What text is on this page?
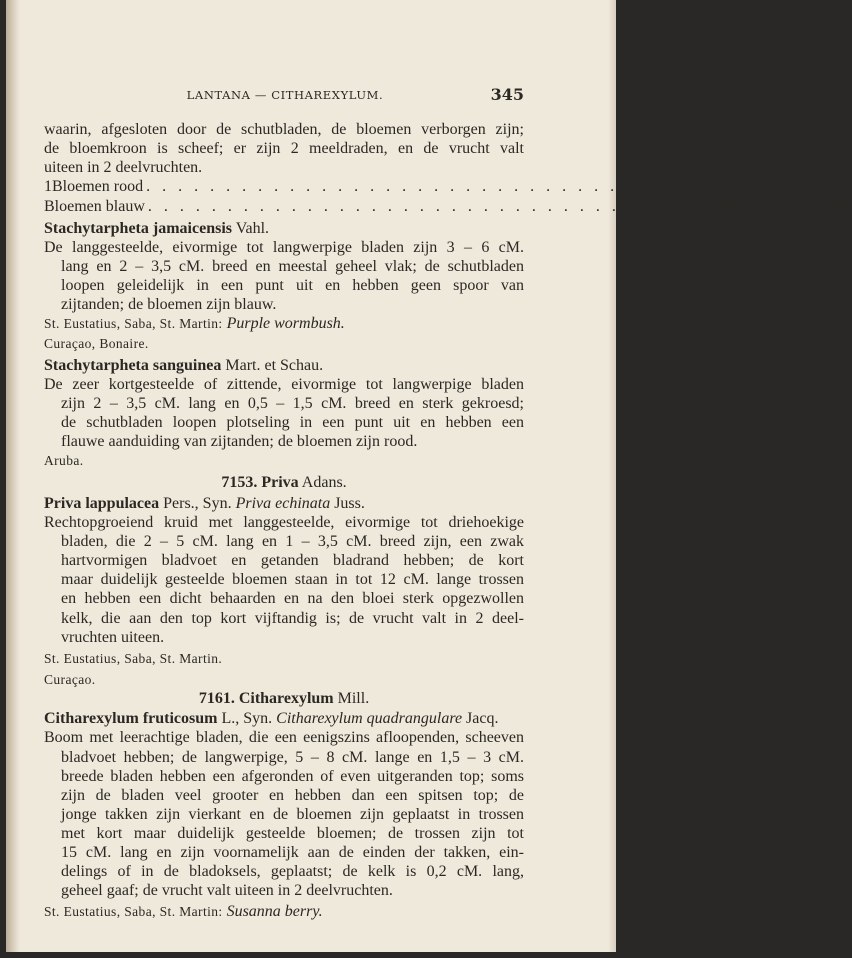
LANTANA — CITHAREXYLUM.	345
waarin, afgesloten door de schutbladen, de bloemen verborgen zijn;
de bloemkroon is scheef; er zijn 2 meeldraden, en de vrucht valt
uiteen in 2 deelvruchten.
1 Bloemen rood . . . . . . . . . . . . . . . . . . . . . . . . . . . . . . . . Stachytarpheta sanguinea 345
Bloemen blauw . . . . . . . . . . . . . . . . . . . . . . . . . . . . . . . . Stachytarpheta jamaicensis 345
Stachytarpheta jamaicensis Vahl.
De langgesteelde, eivormige tot langwerpige bladen zijn 3 – 6 cM.
lang en 2 – 3,5 cM. breed en meestal geheel vlak; de schutbladen
loopen geleidelijk in een punt uit en hebben geen spoor van
zijtanden; de bloemen zijn blauw.
St. Eustatius, Saba, St. Martin: Purple wormbush.
Curaçao, Bonaire.
Stachytarpheta sanguinea Mart. et Schau.
De zeer kortgesteelde of zittende, eivormige tot langwerpige bladen
zijn 2 – 3,5 cM. lang en 0,5 – 1,5 cM. breed en sterk gekroesd;
de schutbladen loopen plotseling in een punt uit en hebben een
flauwe aanduiding van zijtanden; de bloemen zijn rood.
Aruba.
7153. Priva Adans.
Priva lappulacea Pers., Syn. Priva echinata Juss.
Rechtopgroeiend kruid met langgesteelde, eivormige tot driehoekige
bladen, die 2 – 5 cM. lang en 1 – 3,5 cM. breed zijn, een zwak
hartvormigen bladvoet en getanden bladrand hebben; de kort
maar duidelijk gesteelde bloemen staan in tot 12 cM. lange trossen
en hebben een dicht behaarden en na den bloei sterk opgezwollen
kelk, die aan den top kort vijftandig is; de vrucht valt in 2 deel-
vruchten uiteen.
St. Eustatius, Saba, St. Martin.
Curaçao.
7161. Citharexylum Mill.
Citharexylum fruticosum L., Syn. Citharexylum quadrangulare Jacq.
Boom met leerachtige bladen, die een eenigszins afloopenden, scheeven
bladvoet hebben; de langwerpige, 5 – 8 cM. lange en 1,5 – 3 cM.
breede bladen hebben een afgeronden of even uitgeranden top; soms
zijn de bladen veel grooter en hebben dan een spitsen top; de
jonge takken zijn vierkant en de bloemen zijn geplaatst in trossen
met kort maar duidelijk gesteelde bloemen; de trossen zijn tot
15 cM. lang en zijn voornamelijk aan de einden der takken, ein-
delings of in de bladoksels, geplaatst; de kelk is 0,2 cM. lang,
geheel gaaf; de vrucht valt uiteen in 2 deelvruchten.
St. Eustatius, Saba, St. Martin: Susanna berry.
